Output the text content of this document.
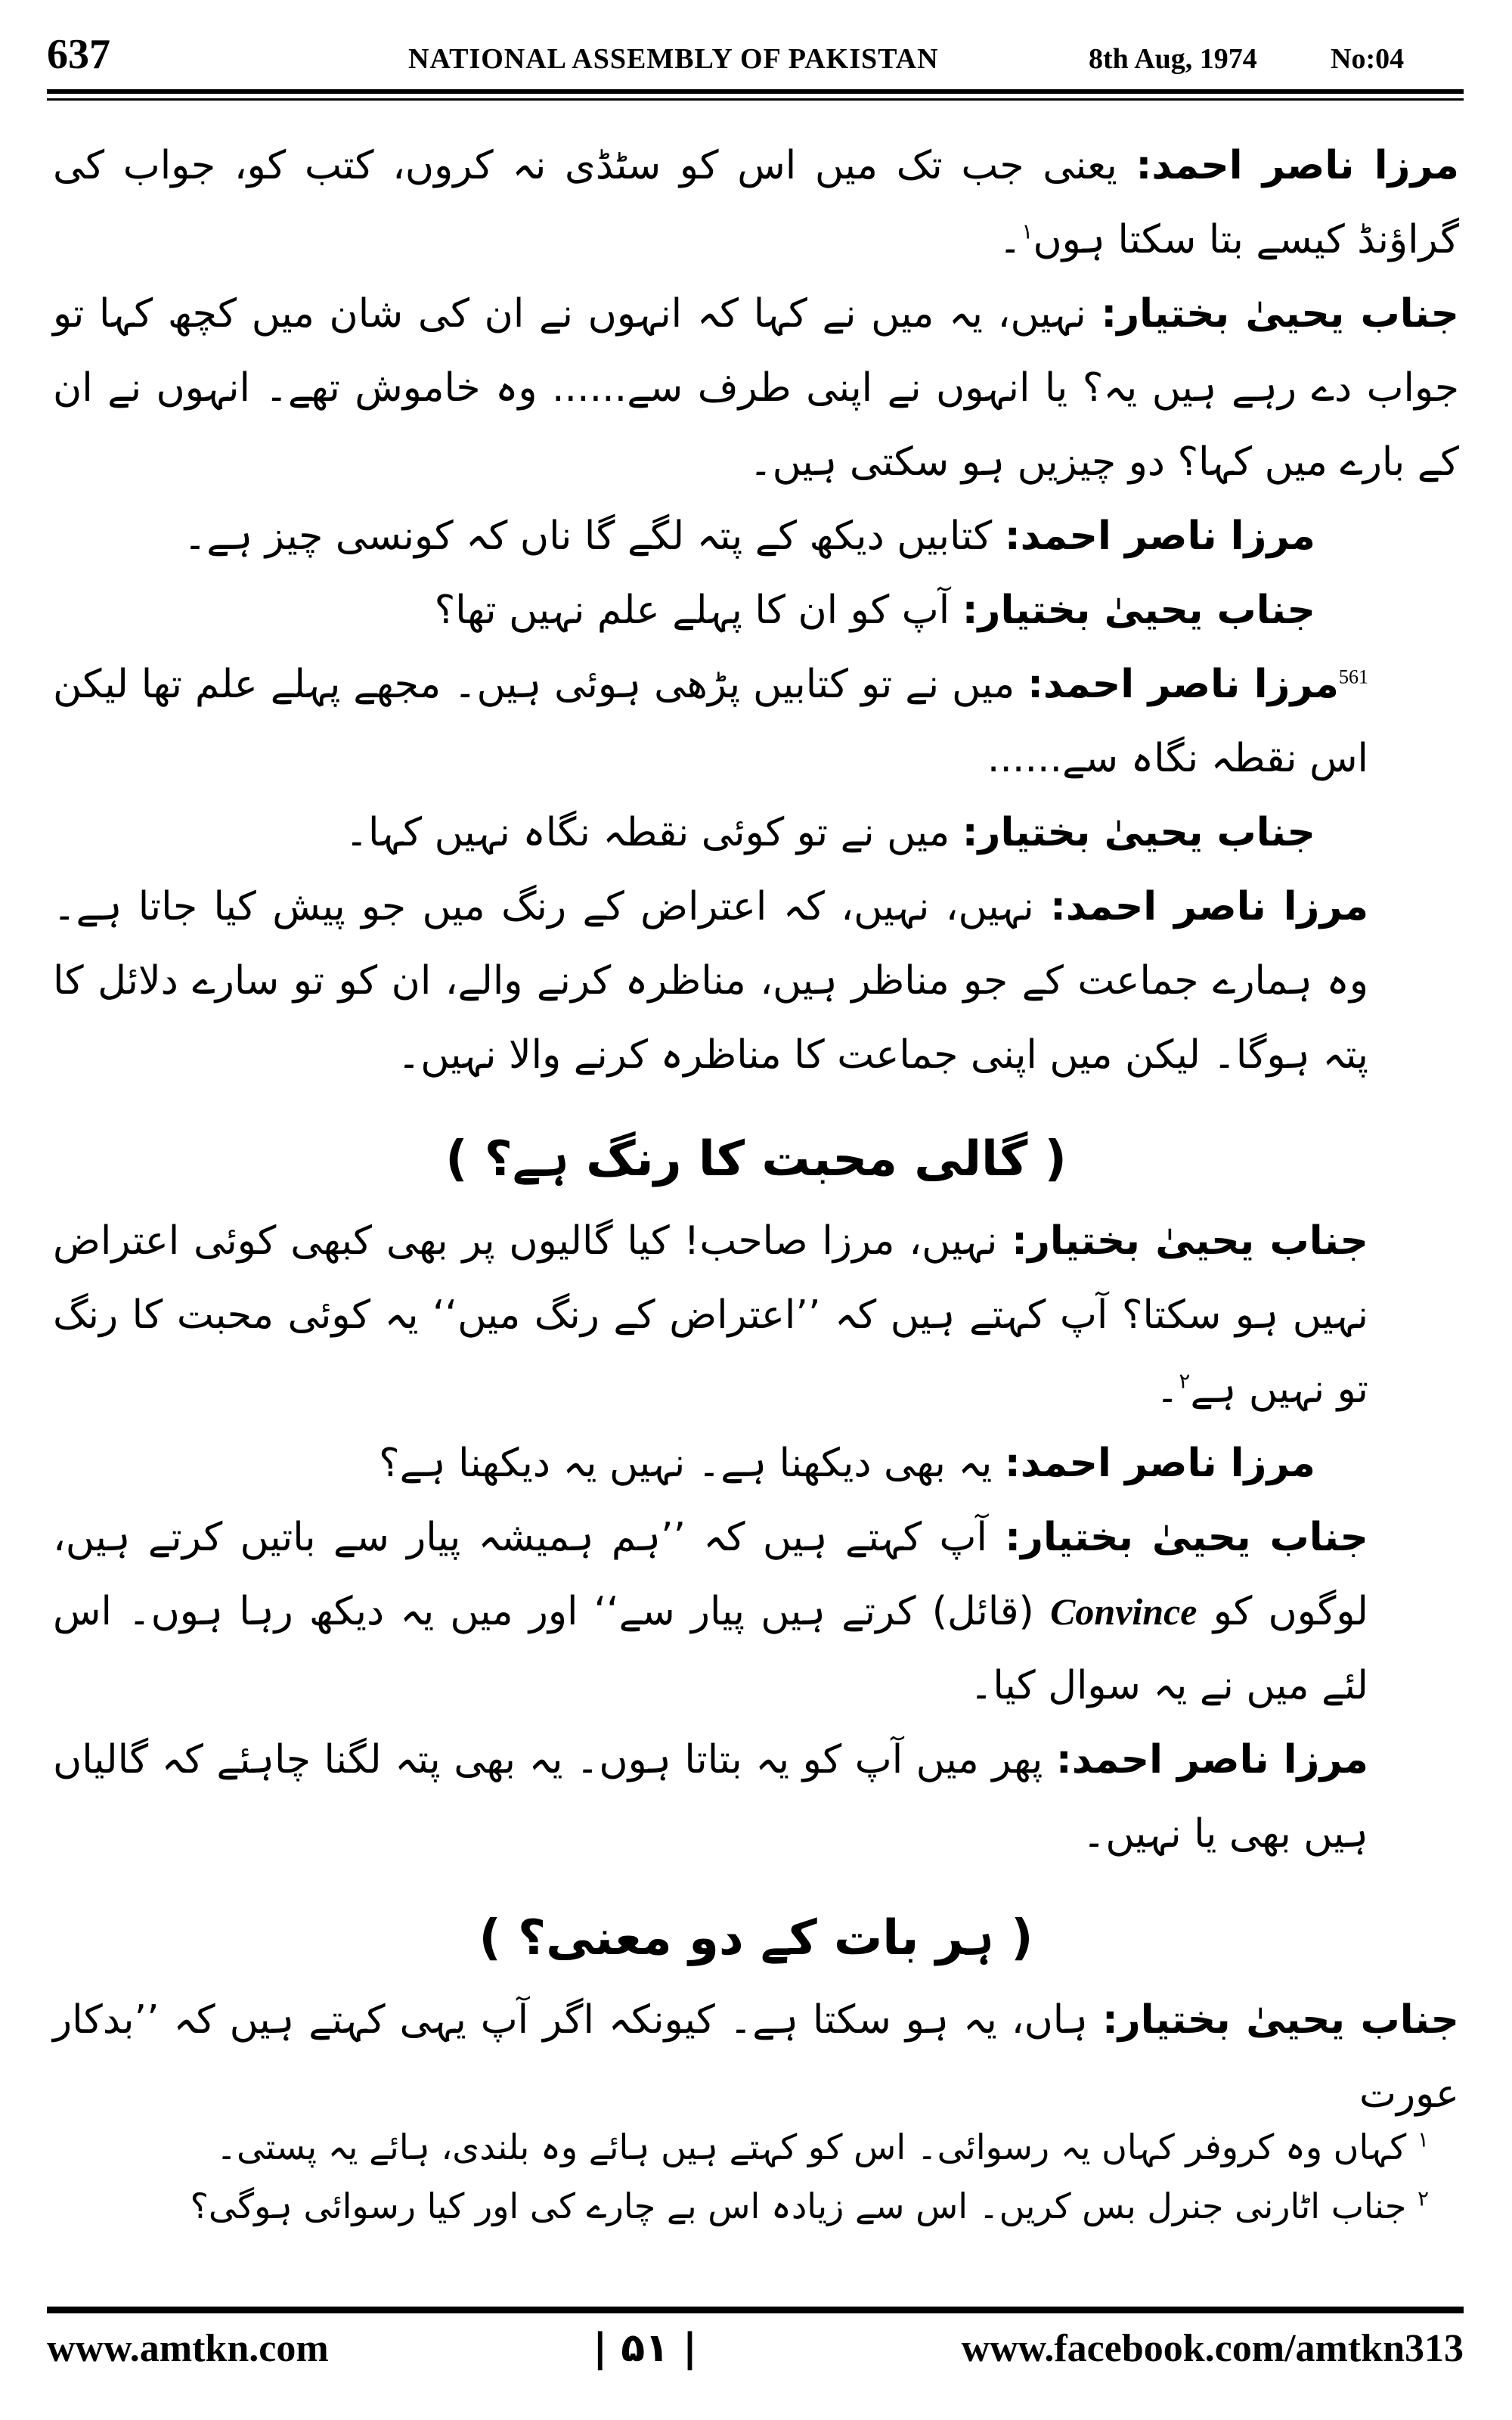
637	NATIONAL ASSEMBLY OF PAKISTAN	8th Aug, 1974	No:04

مرزا ناصر احمد: یعنی جب تک میں اس کو سٹڈی نہ کروں، کتب کو، جواب کی گراؤنڈ کیسے بتا سکتا ہوں$^۱$۔

جناب یحییٰ بختیار: نہیں، یہ میں نے کہا کہ انہوں نے ان کی شان میں کچھ کہا تو جواب دے رہے ہیں یہ؟ یا انہوں نے اپنی طرف سے...... وہ خاموش تھے۔ انہوں نے ان کے بارے میں کہا؟ دو چیزیں ہو سکتی ہیں۔

مرزا ناصر احمد: کتابیں دیکھ کے پتہ لگے گا ناں کہ کونسی چیز ہے۔

جناب یحییٰ بختیار: آپ کو ان کا پہلے علم نہیں تھا؟

$^{561}$مرزا ناصر احمد: میں نے تو کتابیں پڑھی ہوئی ہیں۔ مجھے پہلے علم تھا لیکن اس نقطہ نگاہ سے......

جناب یحییٰ بختیار: میں نے تو کوئی نقطہ نگاہ نہیں کہا۔

مرزا ناصر احمد: نہیں، نہیں، کہ اعتراض کے رنگ میں جو پیش کیا جاتا ہے۔ وہ ہمارے جماعت کے جو مناظر ہیں، مناظرہ کرنے والے، ان کو تو سارے دلائل کا پتہ ہوگا۔ لیکن میں اپنی جماعت کا مناظرہ کرنے والا نہیں۔

( گالی محبت کا رنگ ہے؟ )

جناب یحییٰ بختیار: نہیں، مرزا صاحب! کیا گالیوں پر بھی کبھی کوئی اعتراض نہیں ہو سکتا؟ آپ کہتے ہیں کہ ’’اعتراض کے رنگ میں‘‘ یہ کوئی محبت کا رنگ تو نہیں ہے$^۲$۔

مرزا ناصر احمد: یہ بھی دیکھنا ہے۔ نہیں یہ دیکھنا ہے؟

جناب یحییٰ بختیار: آپ کہتے ہیں کہ ’’ہم ہمیشہ پیار سے باتیں کرتے ہیں، لوگوں کو Convince (قائل) کرتے ہیں پیار سے‘‘ اور میں یہ دیکھ رہا ہوں۔ اس لئے میں نے یہ سوال کیا۔

مرزا ناصر احمد: پھر میں آپ کو یہ بتاتا ہوں۔ یہ بھی پتہ لگنا چاہئے کہ گالیاں ہیں بھی یا نہیں۔

( ہر بات کے دو معنی؟ )

جناب یحییٰ بختیار: ہاں، یہ ہو سکتا ہے۔ کیونکہ اگر آپ یہی کہتے ہیں کہ ’’بدکار عورت

$^۱$ کہاں وہ کروفر کہاں یہ رسوائی۔ اس کو کہتے ہیں ہائے وہ بلندی، ہائے یہ پستی۔
$^۲$ جناب اٹارنی جنرل بس کریں۔ اس سے زیادہ اس بے چارے کی اور کیا رسوائی ہوگی؟
www.amtkn.com	| ۵۱ |	www.facebook.com/amtkn313
